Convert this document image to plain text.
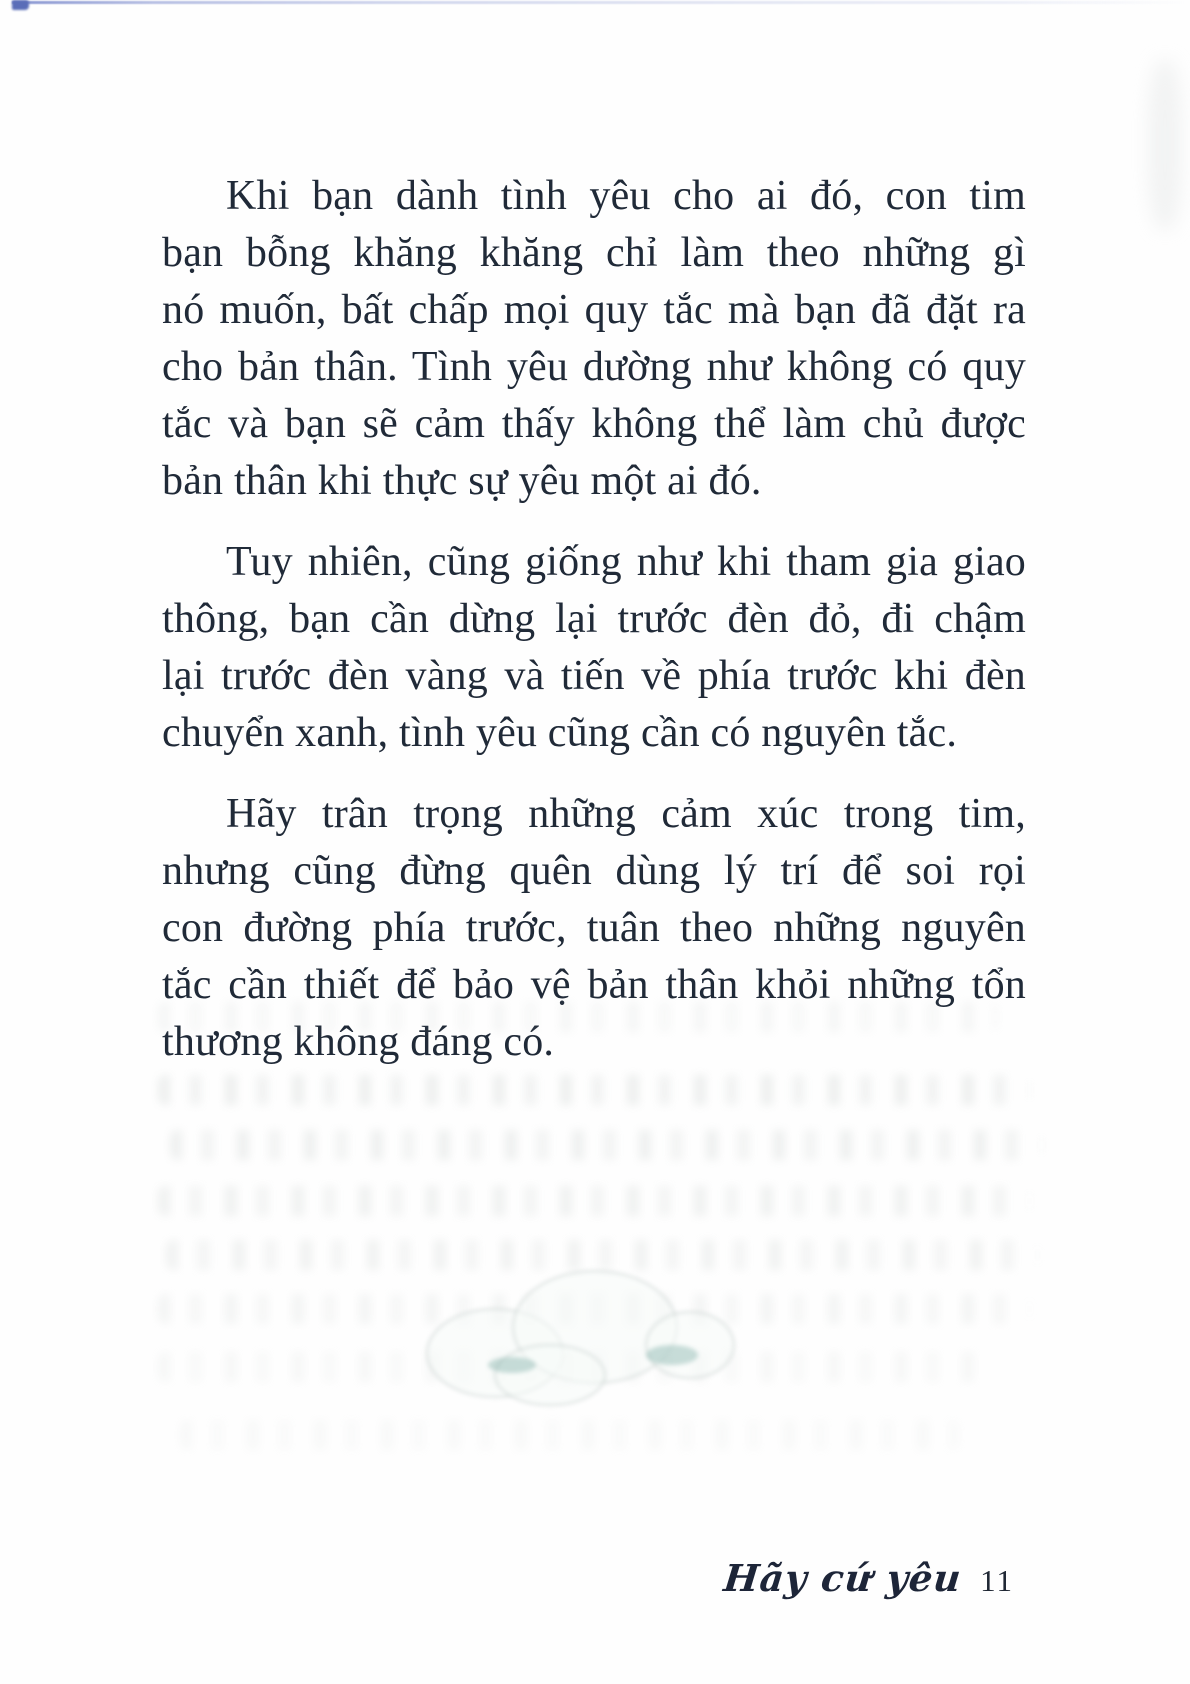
Khi bạn dành tình yêu cho ai đó, con tim
bạn bỗng khăng khăng chỉ làm theo những gì
nó muốn, bất chấp mọi quy tắc mà bạn đã đặt ra
cho bản thân. Tình yêu dường như không có quy
tắc và bạn sẽ cảm thấy không thể làm chủ được
bản thân khi thực sự yêu một ai đó.
Tuy nhiên, cũng giống như khi tham gia giao
thông, bạn cần dừng lại trước đèn đỏ, đi chậm
lại trước đèn vàng và tiến về phía trước khi đèn
chuyển xanh, tình yêu cũng cần có nguyên tắc.
Hãy trân trọng những cảm xúc trong tim,
nhưng cũng đừng quên dùng lý trí để soi rọi
con đường phía trước, tuân theo những nguyên
tắc cần thiết để bảo vệ bản thân khỏi những tổn
thương không đáng có.
Hãy cứ yêu 11
